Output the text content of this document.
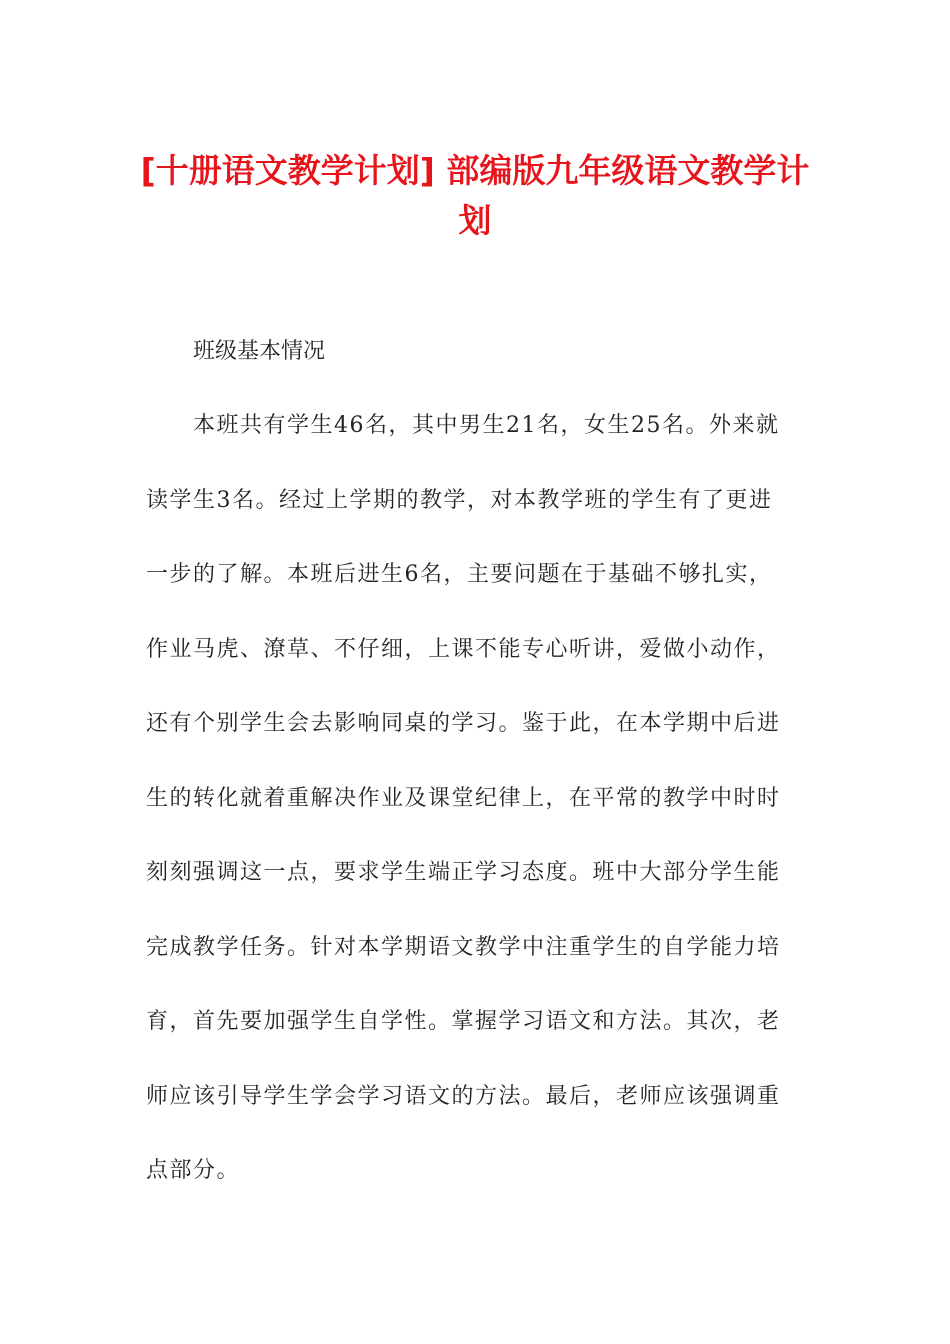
[十册语文教学计划] 部编版九年级语文教学计划

班级基本情况

本班共有学生46名，其中男生21名，女生25名。外来就
读学生3名。经过上学期的教学，对本教学班的学生有了更进
一步的了解。本班后进生6名，主要问题在于基础不够扎实，
作业马虎、潦草、不仔细，上课不能专心听讲，爱做小动作，
还有个别学生会去影响同桌的学习。鉴于此，在本学期中后进
生的转化就着重解决作业及课堂纪律上，在平常的教学中时时
刻刻强调这一点，要求学生端正学习态度。班中大部分学生能
完成教学任务。针对本学期语文教学中注重学生的自学能力培
育，首先要加强学生自学性。掌握学习语文和方法。其次，老
师应该引导学生学会学习语文的方法。最后，老师应该强调重
点部分。
